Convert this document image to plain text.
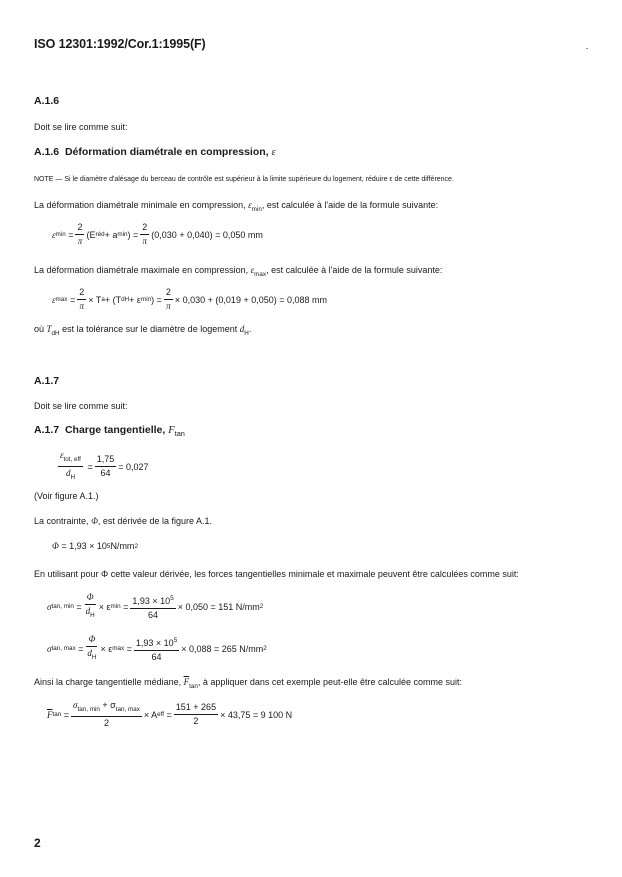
ISO 12301:1992/Cor.1:1995(F)
A.1.6
Doit se lire comme suit:
A.1.6 Déformation diamétrale en compression, ε
NOTE — Si le diamètre d'alésage du berceau de contrôle est supérieur à la limite supérieure du logement, réduire ε de cette différence.
La déformation diamétrale minimale en compression, $\varepsilon_{min}$, est calculée à l'aide de la formule suivante:
ε $\min = \frac{2}{\pi} (E$ réd + a min ) = $\frac{2}{\pi} (0,030 + 0,040) = 0,050$ mm
La déformation diamétrale maximale en compression, $\varepsilon_{max}$, est calculée à l'aide de la formule suivante:
ε $\max = \frac{2}{\pi} \times T$ a + (T dH + ε min ) = $\frac{2}{\pi} \times 0,030 + (0,019 + 0,050) = 0,088$ mm
où $T_{dH}$ est la tolérance sur le diamètre de logement $d_H$.
A.1.7
Doit se lire comme suit:
A.1.7 Charge tangentielle, $F_{tan}$
$\frac{\varepsilon_{tot, eff}}{d_H} = \frac{1,75}{64} = 0,027$
(Voir figure A.1.)
La contrainte, Φ, est dérivée de la figure A.1.
Φ
= 1,93 × 10 5 N/mm 2
En utilisant pour Φ cette valeur dérivée, les forces tangentielles minimale et maximale peuvent être calculées comme suit:
σ tan, $\min = \frac{\Phi}{d_H} \times \varepsilon$ $\min = \frac{1,93 \times 10^5}{64} \times 0,050 = 151$ N/mm 2
σ tan, $\max = \frac{\Phi}{d_H} \times \varepsilon$ $\max = \frac{1,93 \times 10^5}{64} \times 0,088 = 265$ N/mm 2
Ainsi la charge tangentielle médiane, $\overline{F}_{tan}$, à appliquer dans cet exemple peut-elle être calculée comme suit:
$\overline{F}$ $\tan = \frac{\sigma_{tan, min} + \sigma_{tan, max}}{2} \times A$ eff = $\frac{151 + 265}{2} \times 43,75 = 9$ 100 N
2
